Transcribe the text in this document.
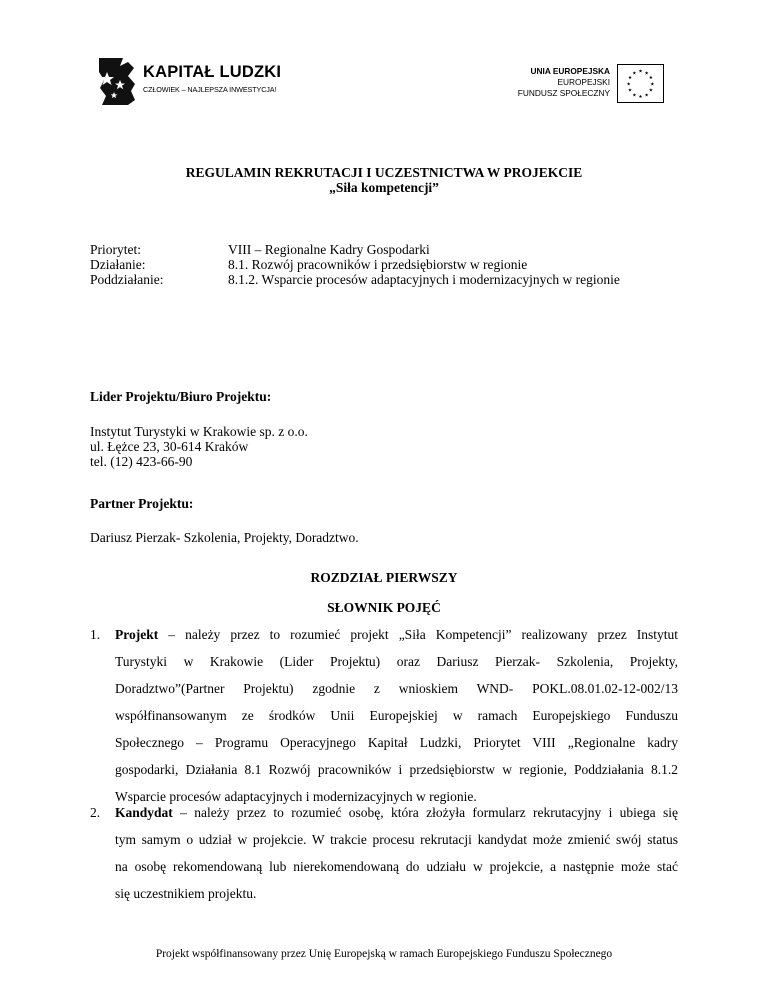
KAPITAŁ LUDZKI
CZŁOWIEK – NAJLEPSZA INWESTYCJA!
UNIA EUROPEJSKA
EUROPEJSKI
FUNDUSZ SPOŁECZNY
★ ★
★
★
★
★
★
★
★
★
★
★
REGULAMIN REKRUTACJI I UCZESTNICTWA W PROJEKCIE
„Siła kompetencji”
Priorytet:	VIII – Regionalne Kadry Gospodarki
Działanie:	8.1. Rozwój pracowników i przedsiębiorstw w regionie
Poddziałanie:	8.1.2. Wsparcie procesów adaptacyjnych i modernizacyjnych w regionie
Lider Projektu/Biuro Projektu:
Instytut Turystyki w Krakowie sp. z o.o.
ul. Łężce 23, 30-614 Kraków
tel. (12) 423-66-90
Partner Projektu:
Dariusz Pierzak- Szkolenia, Projekty, Doradztwo.
ROZDZIAŁ PIERWSZY
SŁOWNIK POJĘĆ
1. Projekt – należy przez to rozumieć projekt „Siła Kompetencji” realizowany przez Instytut
Turystyki w Krakowie (Lider Projektu) oraz Dariusz Pierzak- Szkolenia, Projekty,
Doradztwo”(Partner Projektu) zgodnie z wnioskiem WND- POKL.08.01.02-12-002/13
współfinansowanym ze środków Unii Europejskiej w ramach Europejskiego Funduszu
Społecznego – Programu Operacyjnego Kapitał Ludzki, Priorytet VIII „Regionalne kadry
gospodarki, Działania 8.1 Rozwój pracowników i przedsiębiorstw w regionie, Poddziałania 8.1.2
Wsparcie procesów adaptacyjnych i modernizacyjnych w regionie.
2. Kandydat – należy przez to rozumieć osobę, która złożyła formularz rekrutacyjny i ubiega się
tym samym o udział w projekcie. W trakcie procesu rekrutacji kandydat może zmienić swój status
na osobę rekomendowaną lub nierekomendowaną do udziału w projekcie, a następnie może stać
się uczestnikiem projektu.
Projekt współfinansowany przez Unię Europejską w ramach Europejskiego Funduszu Społecznego
